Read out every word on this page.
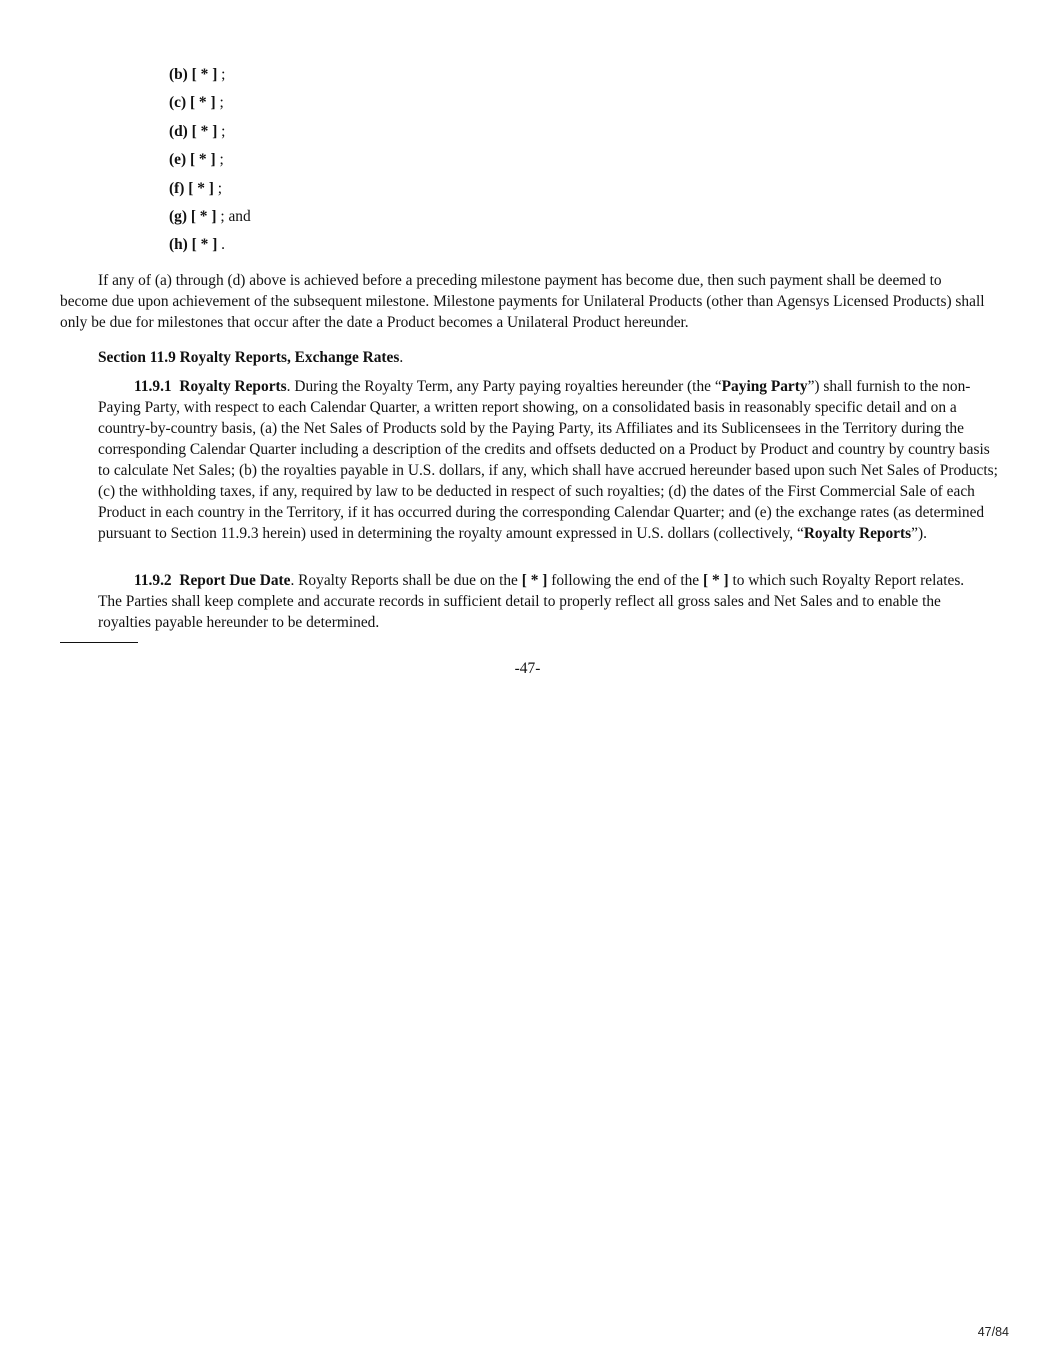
(b) [ * ] ;
(c) [ * ] ;
(d) [ * ] ;
(e) [ * ] ;
(f) [ * ] ;
(g) [ * ] ; and
(h) [ * ] .

If any of (a) through (d) above is achieved before a preceding milestone payment has become due, then such payment shall be deemed to become due upon achievement of the subsequent milestone. Milestone payments for Unilateral Products (other than Agensys Licensed Products) shall only be due for milestones that occur after the date a Product becomes a Unilateral Product hereunder.

Section 11.9 Royalty Reports, Exchange Rates.

11.9.1 Royalty Reports. During the Royalty Term, any Party paying royalties hereunder (the “Paying Party”) shall furnish to the non-Paying Party, with respect to each Calendar Quarter, a written report showing, on a consolidated basis in reasonably specific detail and on a country-by-country basis, (a) the Net Sales of Products sold by the Paying Party, its Affiliates and its Sublicensees in the Territory during the corresponding Calendar Quarter including a description of the credits and offsets deducted on a Product by Product and country by country basis to calculate Net Sales; (b) the royalties payable in U.S. dollars, if any, which shall have accrued hereunder based upon such Net Sales of Products; (c) the withholding taxes, if any, required by law to be deducted in respect of such royalties; (d) the dates of the First Commercial Sale of each Product in each country in the Territory, if it has occurred during the corresponding Calendar Quarter; and (e) the exchange rates (as determined pursuant to Section 11.9.3 herein) used in determining the royalty amount expressed in U.S. dollars (collectively, “Royalty Reports”).

11.9.2 Report Due Date. Royalty Reports shall be due on the [ * ] following the end of the [ * ] to which such Royalty Report relates. The Parties shall keep complete and accurate records in sufficient detail to properly reflect all gross sales and Net Sales and to enable the royalties payable hereunder to be determined.

-47-

47/84
